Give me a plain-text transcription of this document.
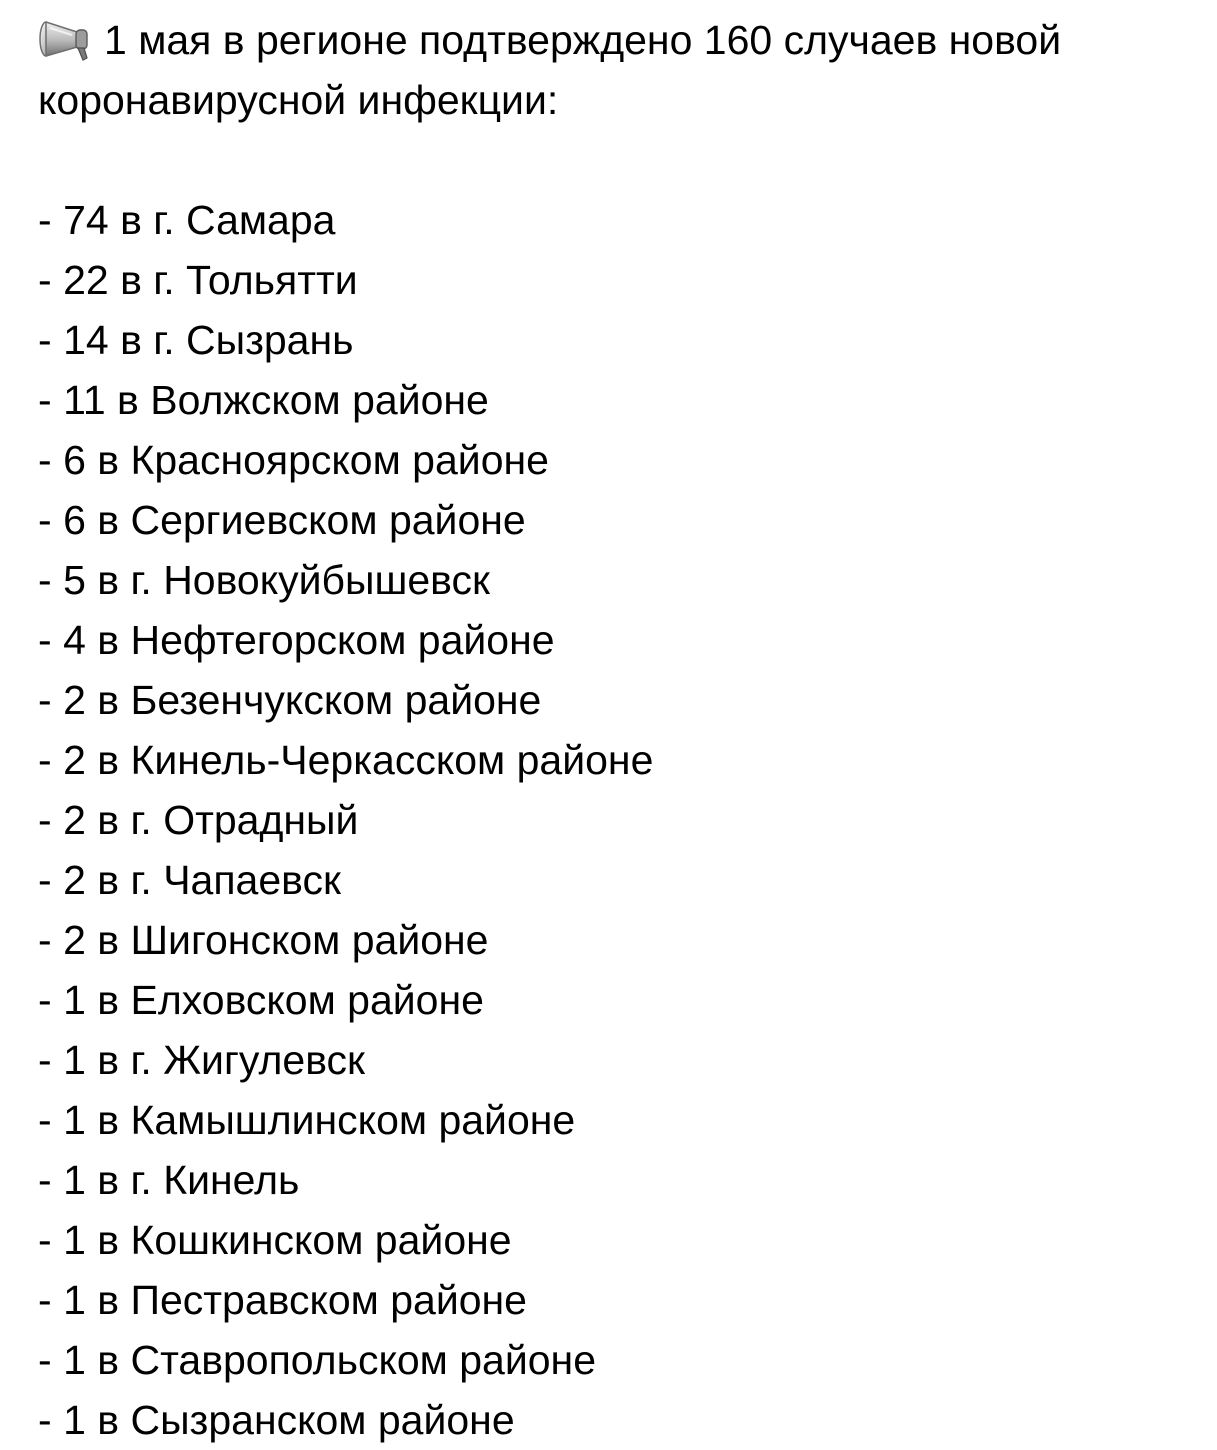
1 мая в регионе подтверждено 160 случаев новой коронавирусной инфекции:

- 74 в г. Самара
- 22 в г. Тольятти
- 14 в г. Сызрань
- 11 в Волжском районе
- 6 в Красноярском районе
- 6 в Сергиевском районе
- 5 в г. Новокуйбышевск
- 4 в Нефтегорском районе
- 2 в Безенчукском районе
- 2 в Кинель-Черкасском районе
- 2 в г. Отрадный
- 2 в г. Чапаевск
- 2 в Шигонском районе
- 1 в Елховском районе
- 1 в г. Жигулевск
- 1 в Камышлинском районе
- 1 в г. Кинель
- 1 в Кошкинском районе
- 1 в Пестравском районе
- 1 в Ставропольском районе
- 1 в Сызранском районе
